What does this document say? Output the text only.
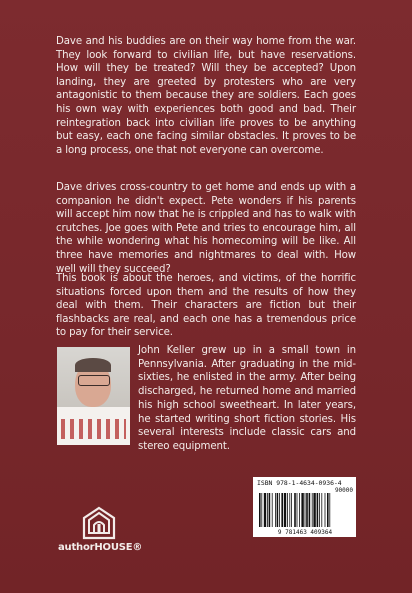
Dave and his buddies are on their way home from the war. They look forward to civilian life, but have reservations. How will they be treated? Will they be accepted? Upon landing, they are greeted by protesters who are very antagonistic to them because they are soldiers. Each goes his own way with experiences both good and bad. Their reintegration back into civilian life proves to be anything but easy, each one facing similar obstacles. It proves to be a long process, one that not everyone can overcome.

Dave drives cross-country to get home and ends up with a companion he didn't expect. Pete wonders if his parents will accept him now that he is crippled and has to walk with crutches. Joe goes with Pete and tries to encourage him, all the while wondering what his homecoming will be like. All three have memories and nightmares to deal with. How well will they succeed?

This book is about the heroes, and victims, of the horrific situations forced upon them and the results of how they deal with them. Their characters are fiction but their flashbacks are real, and each one has a tremendous price to pay for their service.

John Keller grew up in a small town in Pennsylvania. After graduating in the mid-sixties, he enlisted in the army. After being discharged, he returned home and married his high school sweetheart. In later years, he started writing short fiction stories. His several interests include classic cars and stereo equipment.

authorHOUSE®
ISBN 978-1-4634-0936-4
90000
9 781463 409364
